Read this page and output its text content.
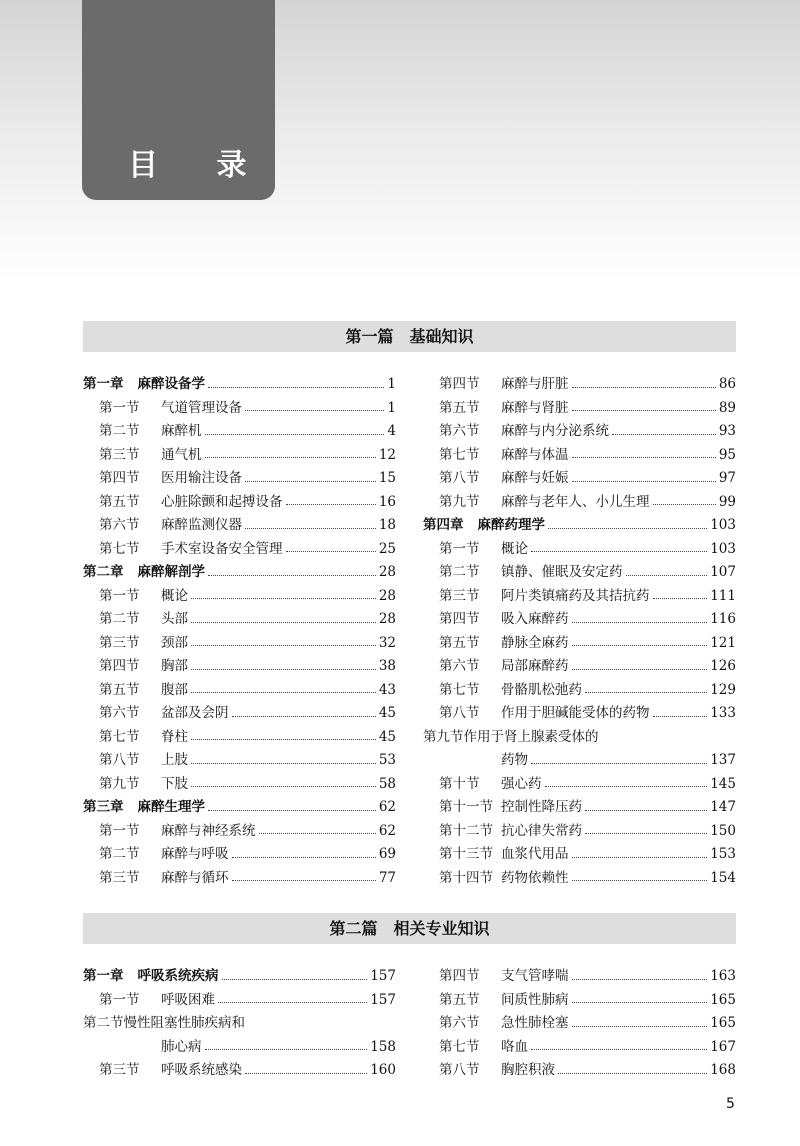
目 录
第一篇　基础知识
第一章 麻醉设备学	1
第一节	气道管理设备	1
第二节	麻醉机	4
第三节	通气机	12
第四节	医用输注设备	15
第五节	心脏除颤和起搏设备	16
第六节	麻醉监测仪器	18
第七节	手术室设备安全管理	25
第二章 麻醉解剖学	28
第一节	概论	28
第二节	头部	28
第三节	颈部	32
第四节	胸部	38
第五节	腹部	43
第六节	盆部及会阴	45
第七节	脊柱	45
第八节	上肢	53
第九节	下肢	58
第三章 麻醉生理学	62
第一节	麻醉与神经系统	62
第二节	麻醉与呼吸	69
第三节	麻醉与循环	77
第四节	麻醉与肝脏	86
第五节	麻醉与肾脏	89
第六节	麻醉与内分泌系统	93
第七节	麻醉与体温	95
第八节	麻醉与妊娠	97
第九节	麻醉与老年人、小儿生理	99
第四章 麻醉药理学	103
第一节	概论	103
第二节	镇静、催眠及安定药	107
第三节	阿片类镇痛药及其拮抗药	111
第四节	吸入麻醉药	116
第五节	静脉全麻药	121
第六节	局部麻醉药	126
第七节	骨骼肌松弛药	129
第八节	作用于胆碱能受体的药物	133
第九节 作用于肾上腺素受体的
药物	137
第十节	强心药	145
第十一节 控制性降压药	147
第十二节 抗心律失常药	150
第十三节 血浆代用品	153
第十四节 药物依赖性	154
第二篇　相关专业知识
第一章 呼吸系统疾病	157
第一节	呼吸困难	157
第二节 慢性阻塞性肺疾病和
肺心病	158
第三节	呼吸系统感染	160
第四节	支气管哮喘	163
第五节	间质性肺病	165
第六节	急性肺栓塞	165
第七节	咯血	167
第八节	胸腔积液	168
5
